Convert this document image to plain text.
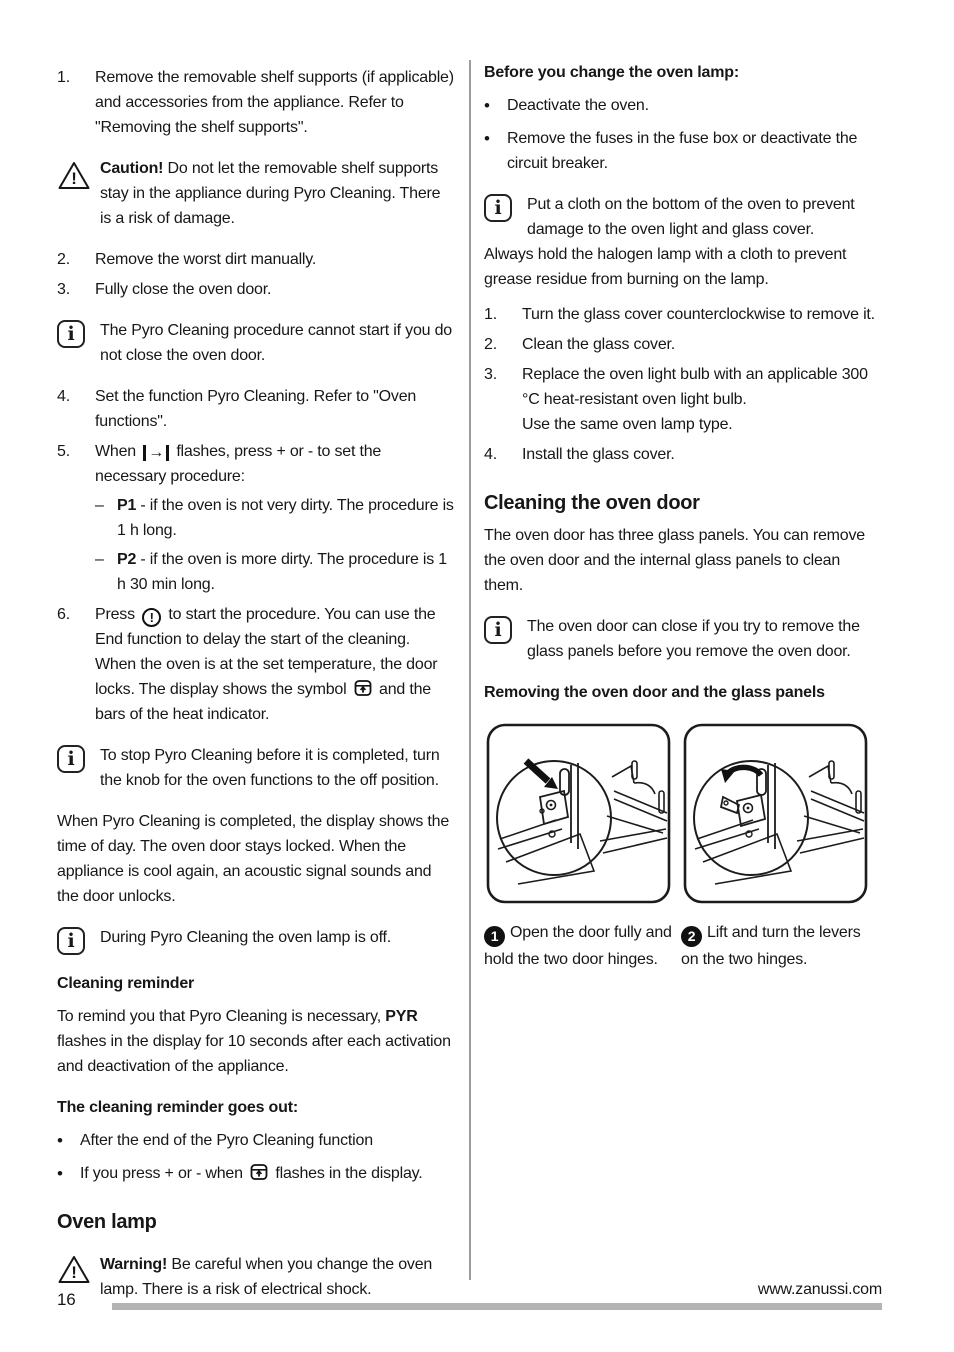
1.	Remove the removable shelf supports (if applicable) and accessories from the appliance. Refer to "Removing the shelf supports".
!
Caution! Do not let the removable shelf supports stay in the appliance during Pyro Cleaning. There is a risk of damage.
2.	Remove the worst dirt manually.
3.	Fully close the oven door.
i	The Pyro Cleaning procedure cannot start if you do not close the oven door.
4.	Set the function Pyro Cleaning. Refer to "Oven functions".
5.	When → flashes, press + or - to set the necessary procedure:
– P1 - if the oven is not very dirty. The procedure is 1 h long.
– P2 - if the oven is more dirty. The procedure is 1 h 30 min long.
6.	Press ! to start the procedure. You can use the End function to delay the start of the cleaning. When the oven is at the set temperature, the door locks. The display shows the symbol and the bars of the heat indicator.
i	To stop Pyro Cleaning before it is completed, turn the knob for the oven functions to the off position.
When Pyro Cleaning is completed, the display shows the time of day. The oven door stays locked. When the appliance is cool again, an acoustic signal sounds and the door unlocks.
i	During Pyro Cleaning the oven lamp is off.
Cleaning reminder
To remind you that Pyro Cleaning is necessary, PYR flashes in the display for 10 seconds after each activation and deactivation of the appliance.
The cleaning reminder goes out:
•	After the end of the Pyro Cleaning function
•	If you press + or - when flashes in the display.
Oven lamp
! Warning! Be careful when you change the oven lamp. There is a risk of electrical shock.
Before you change the oven lamp:
•	Deactivate the oven.
•	Remove the fuses in the fuse box or deactivate the circuit breaker.
i	Put a cloth on the bottom of the oven to prevent damage to the oven light and glass cover.
Always hold the halogen lamp with a cloth to prevent grease residue from burning on the lamp.
1.	Turn the glass cover counterclockwise to remove it.
2.	Clean the glass cover.
3.	Replace the oven light bulb with an applicable 300 °C heat-resistant oven light bulb.
Use the same oven lamp type.
4.	Install the glass cover.
Cleaning the oven door
The oven door has three glass panels. You can remove the oven door and the internal glass panels to clean them.
i	The oven door can close if you try to remove the glass panels before you remove the oven door.
Removing the oven door and the glass panels
1 Open the door fully and hold the two door hinges.
2 Lift and turn the levers on the two hinges.
16
www.zanussi.com
